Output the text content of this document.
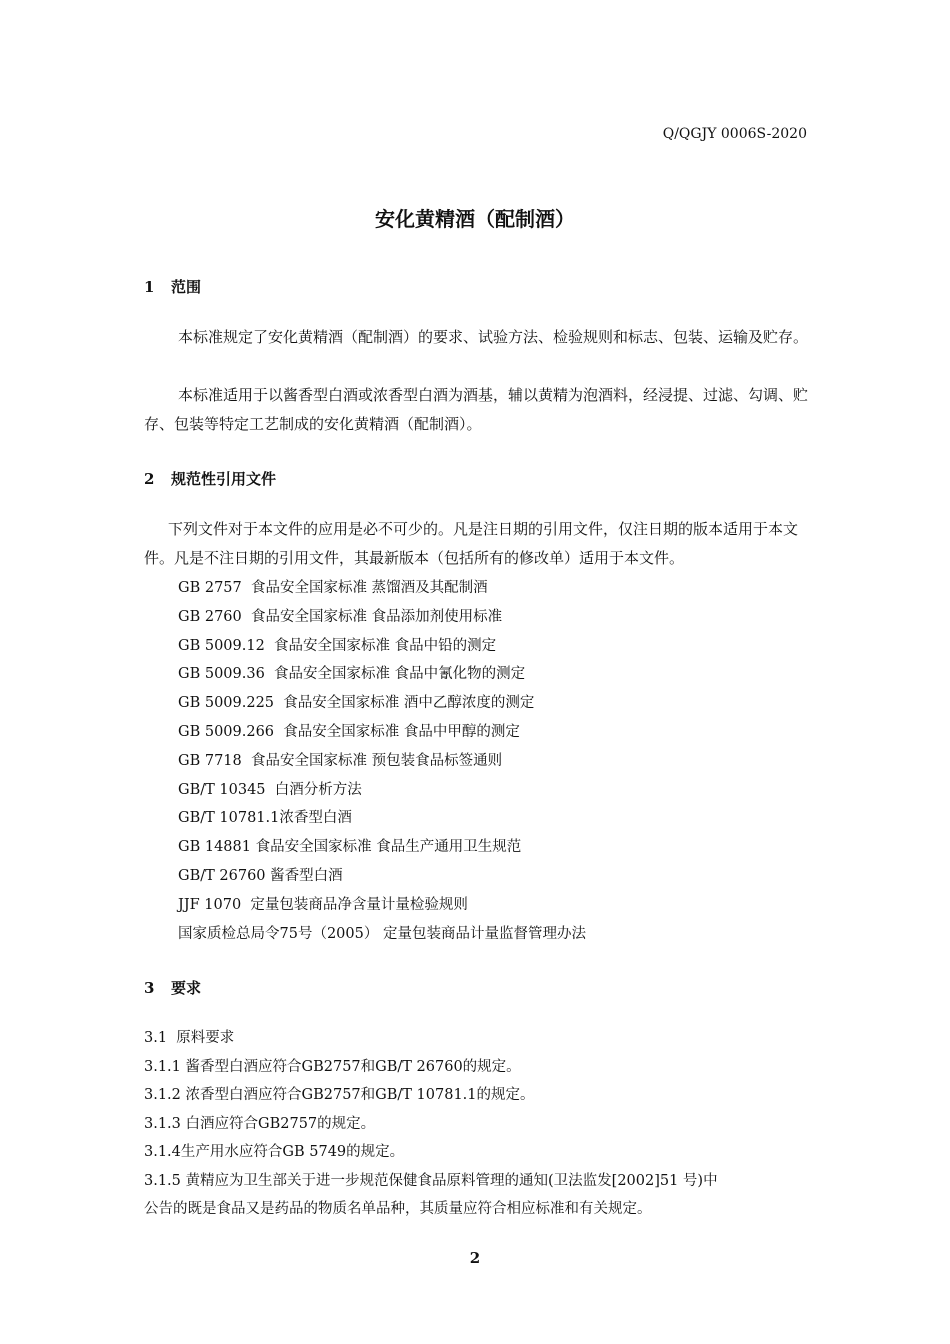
Q/QGJY 0006S-2020
安化黄精酒（配制酒）
1 范围

本标准规定了安化黄精酒（配制酒）的要求、试验方法、检验规则和标志、包装、运输及贮存。

本标准适用于以酱香型白酒或浓香型白酒为酒基，辅以黄精为泡酒料，经浸提、过滤、勾调、贮存、包装等特定工艺制成的安化黄精酒（配制酒）。

2 规范性引用文件

下列文件对于本文件的应用是必不可少的。凡是注日期的引用文件，仅注日期的版本适用于本文件。凡是不注日期的引用文件，其最新版本（包括所有的修改单）适用于本文件。

GB 2757  食品安全国家标准 蒸馏酒及其配制酒
GB 2760  食品安全国家标准 食品添加剂使用标准
GB 5009.12  食品安全国家标准 食品中铅的测定
GB 5009.36  食品安全国家标准 食品中氰化物的测定
GB 5009.225  食品安全国家标准 酒中乙醇浓度的测定
GB 5009.266  食品安全国家标准 食品中甲醇的测定
GB 7718  食品安全国家标准 预包装食品标签通则
GB/T 10345  白酒分析方法
GB/T 10781.1浓香型白酒
GB 14881 食品安全国家标准 食品生产通用卫生规范
GB/T 26760 酱香型白酒
JJF 1070  定量包装商品净含量计量检验规则
国家质检总局令75号（2005） 定量包装商品计量监督管理办法
3 要求
3.1  原料要求
3.1.1 酱香型白酒应符合GB2757和GB/T 26760的规定。
3.1.2 浓香型白酒应符合GB2757和GB/T 10781.1的规定。
3.1.3 白酒应符合GB2757的规定。
3.1.4生产用水应符合GB 5749的规定。
3.1.5 黄精应为卫生部关于进一步规范保健食品原料管理的通知(卫法监发[2002]51 号)中
公告的既是食品又是药品的物质名单品种，其质量应符合相应标准和有关规定。
2
